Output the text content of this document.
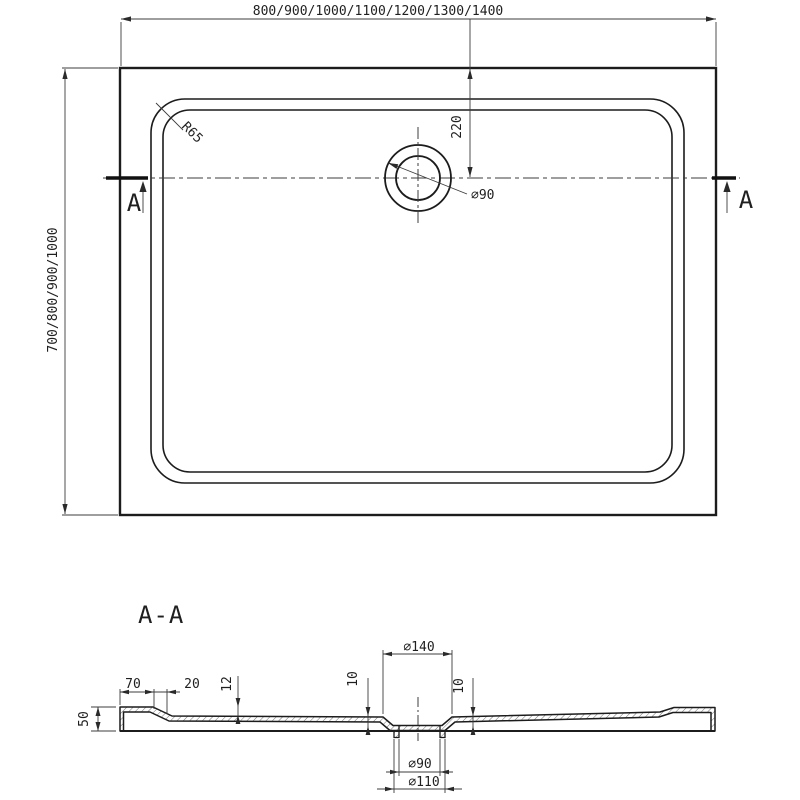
R65
A	A
800/900/1000/1100/1200/1300/1400
700/800/900/1000
220
⌀90
A-A
50
70	20 12	10	10
⌀140
⌀90
⌀110
